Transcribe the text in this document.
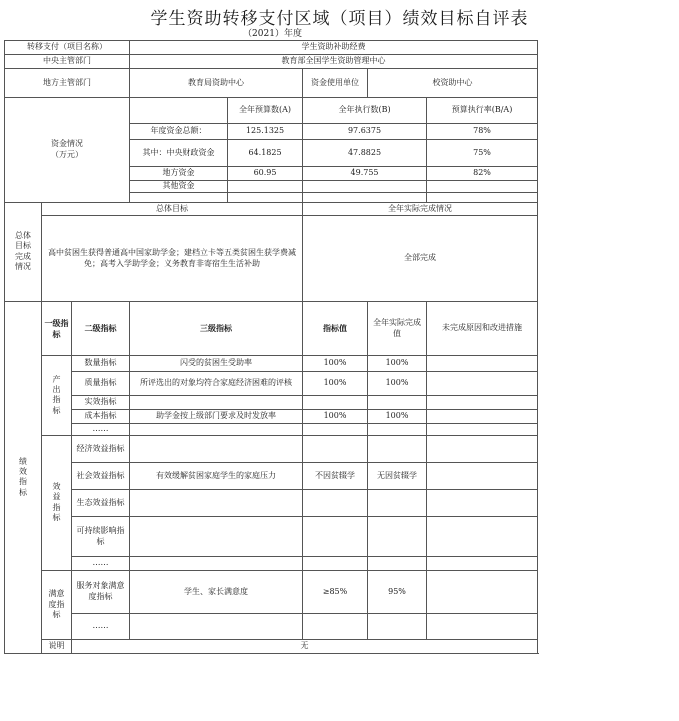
学生资助转移支付区域（项目）绩效目标自评表
（2021）年度
转移支付（项目名称）			学生资助补助经费				
中央主管部门			教育部全国学生资助管理中心				
地方主管部门			教育局资助中心		资金使用单位	校资助中心	
资金情况（万元）				全年预算数(A)	全年执行数(B)		预算执行率(B/A)
			年度资金总额：	125.1325	97.6375		78%
			其中：中央财政资金	64.1825	47.8825		75%
			地方资金	60.95	49.755		82%
			其他资金				

总体目标完成情况	总体目标				全年实际完成情况		
	高中贫困生获得普通高中国家助学金；建档立卡等五类贫困生获学费减免；高考入学助学金；义务教育非寄宿生生活补助				全部完成		
绩效指标	一级指标	二级指标	三级指标		指标值	全年实际完成值	未完成原因和改进措施
	产出指标	数量指标	闪受的贫困生受助率		100%	100%	
		质量指标	所评选出的对象均符合家庭经济困难的评核		100%	100%	
		实效指标					
		成本指标	助学金按上级部门要求及时发放率		100%	100%	
		……					
	效益指标	经济效益指标					
		社会效益指标	有效缓解贫困家庭学生的家庭压力		不因贫辍学	无因贫辍学	
		生态效益指标					
		可持续影响指标					
		……					
	满意度指标	服务对象满意度指标	学生、家长满意度		≥85%	95%	
		……					
	说明	无					
